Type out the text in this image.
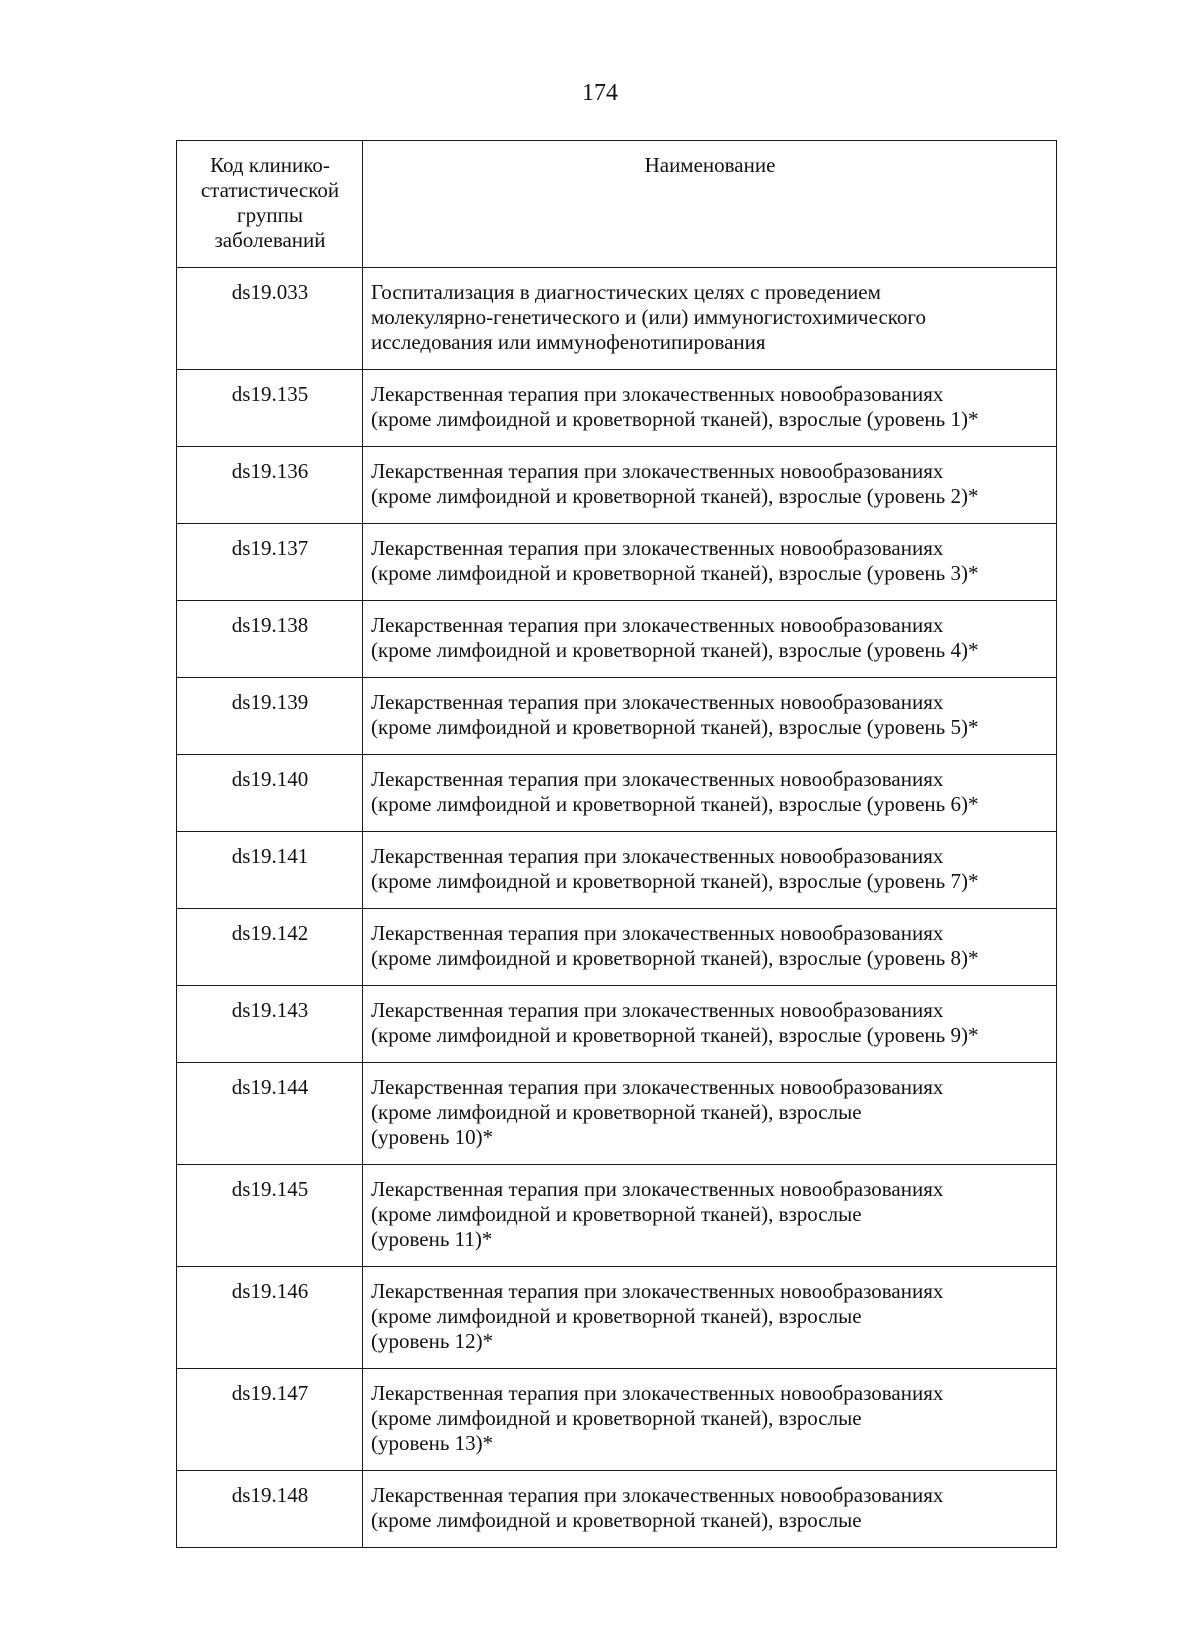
174
Код клинико-
статистической
группы
заболеваний	Наименование
ds19.033	Госпитализация в диагностических целях с проведением
молекулярно-генетического и (или) иммуногистохимического
исследования или иммунофенотипирования

ds19.135	Лекарственная терапия при злокачественных новообразованиях
(кроме лимфоидной и кроветворной тканей), взрослые (уровень 1)*

ds19.136	Лекарственная терапия при злокачественных новообразованиях
(кроме лимфоидной и кроветворной тканей), взрослые (уровень 2)*

ds19.137	Лекарственная терапия при злокачественных новообразованиях
(кроме лимфоидной и кроветворной тканей), взрослые (уровень 3)*

ds19.138	Лекарственная терапия при злокачественных новообразованиях
(кроме лимфоидной и кроветворной тканей), взрослые (уровень 4)*

ds19.139	Лекарственная терапия при злокачественных новообразованиях
(кроме лимфоидной и кроветворной тканей), взрослые (уровень 5)*

ds19.140	Лекарственная терапия при злокачественных новообразованиях
(кроме лимфоидной и кроветворной тканей), взрослые (уровень 6)*

ds19.141	Лекарственная терапия при злокачественных новообразованиях
(кроме лимфоидной и кроветворной тканей), взрослые (уровень 7)*

ds19.142	Лекарственная терапия при злокачественных новообразованиях
(кроме лимфоидной и кроветворной тканей), взрослые (уровень 8)*

ds19.143	Лекарственная терапия при злокачественных новообразованиях
(кроме лимфоидной и кроветворной тканей), взрослые (уровень 9)*

ds19.144	Лекарственная терапия при злокачественных новообразованиях
(кроме лимфоидной и кроветворной тканей), взрослые
(уровень 10)*

ds19.145	Лекарственная терапия при злокачественных новообразованиях
(кроме лимфоидной и кроветворной тканей), взрослые
(уровень 11)*

ds19.146	Лекарственная терапия при злокачественных новообразованиях
(кроме лимфоидной и кроветворной тканей), взрослые
(уровень 12)*

ds19.147	Лекарственная терапия при злокачественных новообразованиях
(кроме лимфоидной и кроветворной тканей), взрослые
(уровень 13)*

ds19.148	Лекарственная терапия при злокачественных новообразованиях
(кроме лимфоидной и кроветворной тканей), взрослые
